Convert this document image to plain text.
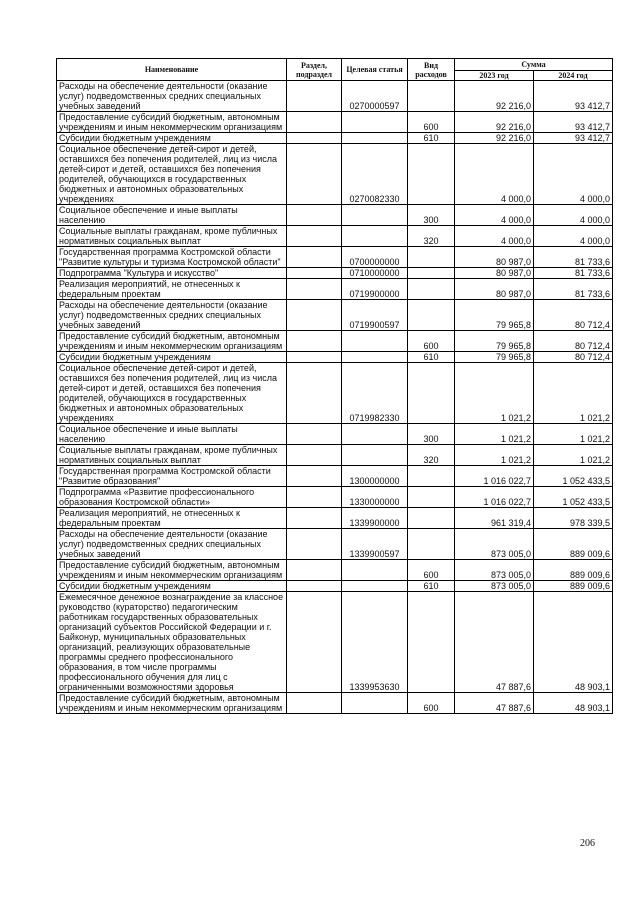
Наименование	Раздел, подраздел	Целевая статья	Вид расходов	Сумма	
				2023 год	2024 год
Расходы на обеспечение деятельности (оказание услуг) подведомственных средних специальных учебных заведений		0270000597		92 216,0	93 412,7
Предоставление субсидий бюджетным, автономным учреждениям и иным некоммерческим организациям			600	92 216,0	93 412,7
Субсидии бюджетным учреждениям			610	92 216,0	93 412,7
Социальное обеспечение детей-сирот и детей, оставшихся без попечения родителей, лиц из числа детей-сирот и детей, оставшихся без попечения родителей, обучающихся в государственных бюджетных и автономных образовательных учреждениях		0270082330		4 000,0	4 000,0
Социальное обеспечение и иные выплаты населению			300	4 000,0	4 000,0
Социальные выплаты гражданам, кроме публичных нормативных социальных выплат			320	4 000,0	4 000,0
Государственная программа Костромской области "Развитие культуры и туризма Костромской области"		0700000000		80 987,0	81 733,6
Подпрограмма "Культура и искусство"		0710000000		80 987,0	81 733,6
Реализация мероприятий, не отнесенных к федеральным проектам		0719900000		80 987,0	81 733,6
Расходы на обеспечение деятельности (оказание услуг) подведомственных средних специальных учебных заведений		0719900597		79 965,8	80 712,4
Предоставление субсидий бюджетным, автономным учреждениям и иным некоммерческим организациям			600	79 965,8	80 712,4
Субсидии бюджетным учреждениям			610	79 965,8	80 712,4
Социальное обеспечение детей-сирот и детей, оставшихся без попечения родителей, лиц из числа детей-сирот и детей, оставшихся без попечения родителей, обучающихся в государственных бюджетных и автономных образовательных учреждениях		0719982330		1 021,2	1 021,2
Социальное обеспечение и иные выплаты населению			300	1 021,2	1 021,2
Социальные выплаты гражданам, кроме публичных нормативных социальных выплат			320	1 021,2	1 021,2
Государственная программа Костромской области "Развитие образования"		1300000000		1 016 022,7	1 052 433,5
Подпрограмма «Развитие профессионального образования Костромской области»		1330000000		1 016 022,7	1 052 433,5
Реализация мероприятий, не отнесенных к федеральным проектам		1339900000		961 319,4	978 339,5
Расходы на обеспечение деятельности (оказание услуг) подведомственных средних специальных учебных заведений		1339900597		873 005,0	889 009,6
Предоставление субсидий бюджетным, автономным учреждениям и иным некоммерческим организациям			600	873 005,0	889 009,6
Субсидии бюджетным учреждениям			610	873 005,0	889 009,6
Ежемесячное денежное вознаграждение за классное руководство (кураторство) педагогическим работникам государственных образовательных организаций субъектов Российской Федерации и г. Байконур, муниципальных образовательных организаций, реализующих образовательные программы среднего профессионального образования, в том числе программы профессионального обучения для лиц с ограниченными возможностями здоровья		1339953630		47 887,6	48 903,1
Предоставление субсидий бюджетным, автономным учреждениям и иным некоммерческим организациям			600	47 887,6	48 903,1
206
